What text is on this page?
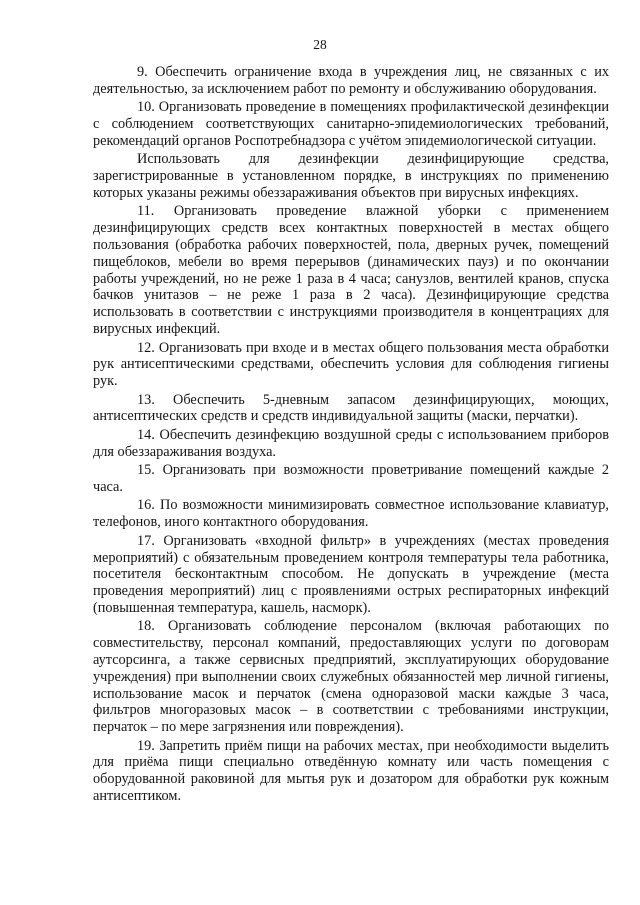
28

9. Обеспечить ограничение входа в учреждения лиц, не связанных с их деятельностью, за исключением работ по ремонту и обслуживанию оборудования.

10. Организовать проведение в помещениях профилактической дезинфекции с соблюдением соответствующих санитарно-эпидемиологических требований, рекомендаций органов Роспотребнадзора с учётом эпидемиологической ситуации.

Использовать для дезинфекции дезинфицирующие средства, зарегистрированные в установленном порядке, в инструкциях по применению которых указаны режимы обеззараживания объектов при вирусных инфекциях.

11. Организовать проведение влажной уборки с применением дезинфицирующих средств всех контактных поверхностей в местах общего пользования (обработка рабочих поверхностей, пола, дверных ручек, помещений пищеблоков, мебели во время перерывов (динамических пауз) и по окончании работы учреждений, но не реже 1 раза в 4 часа; санузлов, вентилей кранов, спуска бачков унитазов – не реже 1 раза в 2 часа). Дезинфицирующие средства использовать в соответствии с инструкциями производителя в концентрациях для вирусных инфекций.

12. Организовать при входе и в местах общего пользования места обработки рук антисептическими средствами, обеспечить условия для соблюдения гигиены рук.

13. Обеспечить 5-дневным запасом дезинфицирующих, моющих, антисептических средств и средств индивидуальной защиты (маски, перчатки).

14. Обеспечить дезинфекцию воздушной среды с использованием приборов для обеззараживания воздуха.

15. Организовать при возможности проветривание помещений каждые 2 часа.

16. По возможности минимизировать совместное использование клавиатур, телефонов, иного контактного оборудования.

17. Организовать «входной фильтр» в учреждениях (местах проведения мероприятий) с обязательным проведением контроля температуры тела работника, посетителя бесконтактным способом. Не допускать в учреждение (места проведения мероприятий) лиц с проявлениями острых респираторных инфекций (повышенная температура, кашель, насморк).

18. Организовать соблюдение персоналом (включая работающих по совместительству, персонал компаний, предоставляющих услуги по договорам аутсорсинга, а также сервисных предприятий, эксплуатирующих оборудование учреждения) при выполнении своих служебных обязанностей мер личной гигиены, использование масок и перчаток (смена одноразовой маски каждые 3 часа, фильтров многоразовых масок – в соответствии с требованиями инструкции, перчаток – по мере загрязнения или повреждения).

19. Запретить приём пищи на рабочих местах, при необходимости выделить для приёма пищи специально отведённую комнату или часть помещения с оборудованной раковиной для мытья рук и дозатором для обработки рук кожным антисептиком.
